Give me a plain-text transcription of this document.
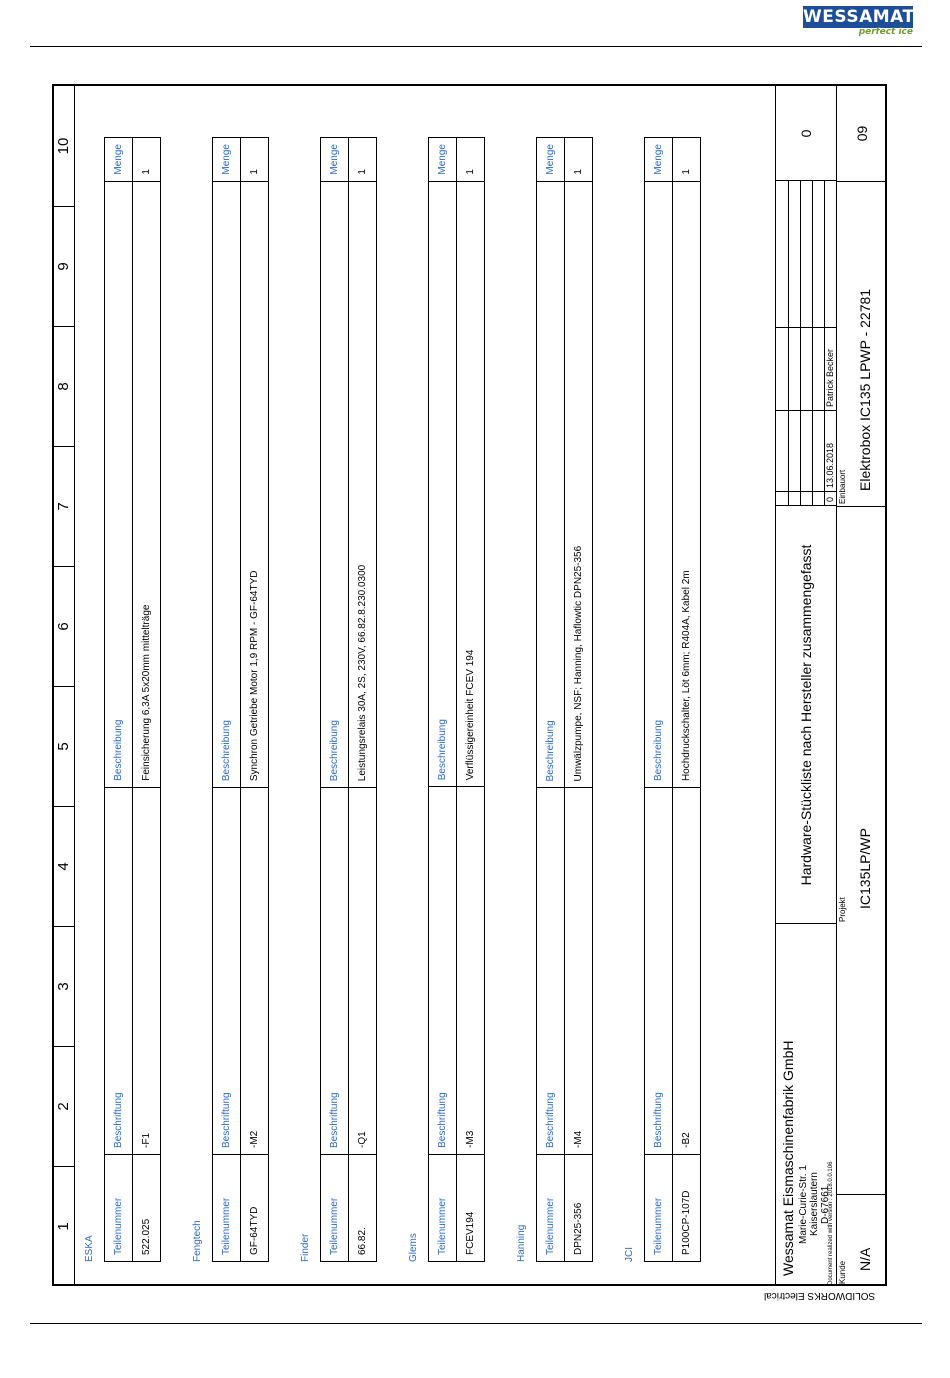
WESSAMAT
perfect ice
1
2
3
4
5
6
7
8
9
10
ESKA Teilenummer	Beschriftung	Beschreibung	Menge
522.025	-F1	Feinsicherung 6,3A 5x20mm mittelträge	1
Fengtech Teilenummer	Beschriftung	Beschreibung	Menge
GF-64TYD	-M2	Synchron Getriebe Motor 1,9 RPM - GF-64TYD	1
Finder Teilenummer	Beschriftung	Beschreibung	Menge
66.82.	-Q1	Leistungsrelais 30A, 2S, 230V, 66.82.8.230.0300	1
Glems Teilenummer	Beschriftung	Beschreibung	Menge
FCEV194	-M3	Verflüssigereinheit FCEV 194	1
Hanning Teilenummer	Beschriftung	Beschreibung	Menge
DPN25-356	-M4	Umwälzpumpe, NSF; Hanning, Haflowtic DPN25-356	1
JCI Teilenummer	Beschriftung	Beschreibung	Menge
P100CP-107D	-B2	Hochdruckschalter, Löt 6mm; R404A, Kabel 2m	1
Wessamat Eismaschinenfabrik GmbH Marie-Curie-Str. 1 Kaiserslautern D-67661
Hardware-Stückliste nach Hersteller zusammengefasst
0
13.06.2018
Patrick Becker
0	09
Kunde
N/A
Projekt
IC135LP/WP
Einbauort Elektrobox IC135 LPWP - 22781
Document realized with version : 2018.0.0.106
SOLIDWORKS Electrical
